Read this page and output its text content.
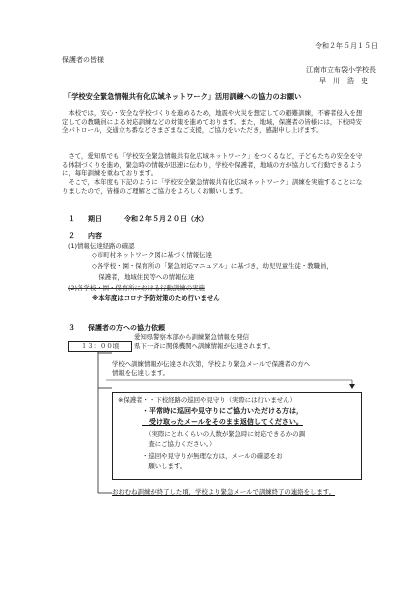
令和２年５月１５日
保護者の皆様
江南市立布袋小学校長
早　川　浩　史
「学校安全緊急情報共有化広域ネットワーク」活用訓練への協力のお願い
　本校では，安心・安全な学校づくりを進めるため，地震や火災を想定しての避難訓練，不審者侵入を想定しての教職員による対応訓練などの対策を進めております。また，地域，保護者の皆様には，下校時安全パトロール，交通立ち番などさまざまなご支援，ご協力をいただき，感謝申し上げます。
　さて，愛知県でも「学校安全緊急情報共有化広域ネットワーク」をつくるなど，子どもたちの安全を守る体制づくりを進め，緊急時の情報が迅速に伝わり，学校や保護者，地域の方が協力して行動できるように，毎年訓練を重ねております。
　そこで，本年度も下記のように「学校安全緊急情報共有化広域ネットワーク」訓練を実施することになりましたので，皆様のご理解とご協力をよろしくお願いします。
１ 期日	令和２年５月２０日（水）
２ 内容
(1)情報伝達経路の確認
◇市町村ネットワーク図に基づく情報伝達
◇各学校・園・保育所の「緊急対応マニュアル」に基づき，幼児児童生徒・教職員，
　保護者，地域住民等への情報伝達
(2)各学校・園・保育所における行動訓練の実施
※本年度はコロナ予防対策のため行いません
３ 保護者の方への協力依頼
愛知県警察本部から訓練緊急情報を発信
１３：００頃	県下一斉に関係機関へ訓練情報が伝達されます。
学校へ訓練情報が伝達され次第，学校より緊急メールで保護者の方へ
情報を伝達します。
※保護者・・下校経路の巡回や見守り（実際には行いません）
・平常時に巡回や見守りにご協力いただける方は，
　受け取ったメールをそのまま返信してください。
　（実際にとれくらいの人数が緊急時に対応できるかの調
　査にご協力ください。）
・巡回や見守りが無理な方は，メールの確認をお
　願いします。
おおむね訓練が終了した頃，学校より緊急メールで訓練終了の連絡をします。
